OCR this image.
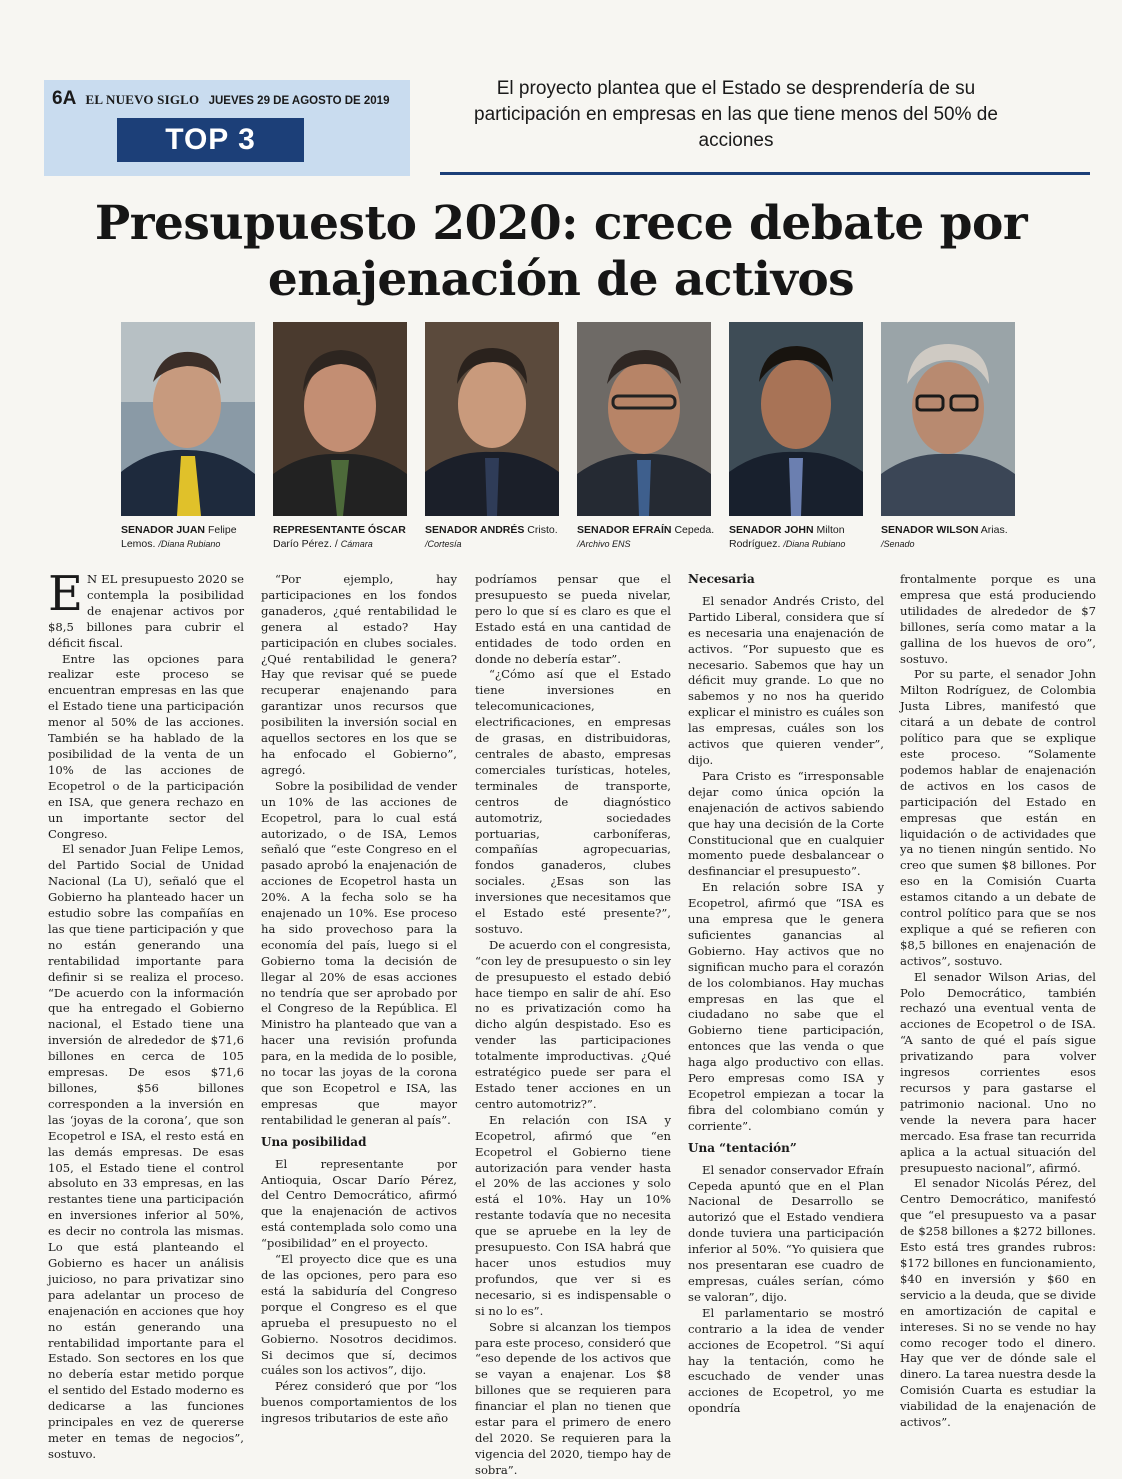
6A EL NUEVO SIGLO JUEVES 29 DE AGOSTO DE 2019
TOP 3
El proyecto plantea que el Estado se desprendería de su participación en empresas en las que tiene menos del 50% de acciones
Presupuesto 2020: crece debate por enajenación de activos
SENADOR JUAN Felipe Lemos. /Diana Rubiano
REPRESENTANTE ÓSCAR Darío Pérez. / Cámara
SENADOR ANDRÉS Cristo. /Cortesía
SENADOR EFRAÍN Cepeda. /Archivo ENS
SENADOR JOHN Milton Rodríguez. /Diana Rubiano
SENADOR WILSON Arias. /Senado

E N EL presupuesto 2020 se contempla la posibilidad de enajenar activos por $8,5 billones para cubrir el déficit fiscal.

Entre las opciones para realizar este proceso se encuentran empresas en las que el Estado tiene una participación menor al 50% de las acciones. También se ha hablado de la posibilidad de la venta de un 10% de las acciones de Ecopetrol o de la participación en ISA, que genera rechazo en un importante sector del Congreso.

El senador Juan Felipe Lemos, del Partido Social de Unidad Nacional (La U), señaló que el Gobierno ha planteado hacer un estudio sobre las compañías en las que tiene participación y que no están generando una rentabilidad importante para definir si se realiza el proceso. “De acuerdo con la información que ha entregado el Gobierno nacional, el Estado tiene una inversión de alrededor de $71,6 billones en cerca de 105 empresas. De esos $71,6 billones, $56 billones corresponden a la inversión en las ‘joyas de la corona’, que son Ecopetrol e ISA, el resto está en las demás empresas. De esas 105, el Estado tiene el control absoluto en 33 empresas, en las restantes tiene una participación en inversiones inferior al 50%, es decir no controla las mismas. Lo que está planteando el Gobierno es hacer un análisis juicioso, no para privatizar sino para adelantar un proceso de enajenación en acciones que hoy no están generando una rentabilidad importante para el Estado. Son sectores en los que no debería estar metido porque el sentido del Estado moderno es dedicarse a las funciones principales en vez de quererse meter en temas de negocios”, sostuvo.

“Por ejemplo, hay participaciones en los fondos ganaderos, ¿qué rentabilidad le genera al estado? Hay participación en clubes sociales. ¿Qué rentabilidad le genera? Hay que revisar qué se puede recuperar enajenando para garantizar unos recursos que posibiliten la inversión social en aquellos sectores en los que se ha enfocado el Gobierno”, agregó.

Sobre la posibilidad de vender un 10% de las acciones de Ecopetrol, para lo cual está autorizado, o de ISA, Lemos señaló que “este Congreso en el pasado aprobó la enajenación de acciones de Ecopetrol hasta un 20%. A la fecha solo se ha enajenado un 10%. Ese proceso ha sido provechoso para la economía del país, luego si el Gobierno toma la decisión de llegar al 20% de esas acciones no tendría que ser aprobado por el Congreso de la República. El Ministro ha planteado que van a hacer una revisión profunda para, en la medida de lo posible, no tocar las joyas de la corona que son Ecopetrol e ISA, las empresas que mayor rentabilidad le generan al país”.

Una posibilidad

El representante por Antioquia, Oscar Darío Pérez, del Centro Democrático, afirmó que la enajenación de activos está contemplada solo como una “posibilidad” en el proyecto.

“El proyecto dice que es una de las opciones, pero para eso está la sabiduría del Congreso porque el Congreso es el que aprueba el presupuesto no el Gobierno. Nosotros decidimos. Si decimos que sí, decimos cuáles son los activos”, dijo.

Pérez consideró que por “los buenos comportamientos de los ingresos tributarios de este año

podríamos pensar que el presupuesto se pueda nivelar, pero lo que sí es claro es que el Estado está en una cantidad de entidades de todo orden en donde no debería estar”.

“¿Cómo así que el Estado tiene inversiones en telecomunicaciones, electrificaciones, en empresas de grasas, en distribuidoras, centrales de abasto, empresas comerciales turísticas, hoteles, terminales de transporte, centros de diagnóstico automotriz, sociedades portuarias, carboníferas, compañías agropecuarias, fondos ganaderos, clubes sociales. ¿Esas son las inversiones que necesitamos que el Estado esté presente?”, sostuvo.

De acuerdo con el congresista, “con ley de presupuesto o sin ley de presupuesto el estado debió hace tiempo en salir de ahí. Eso no es privatización como ha dicho algún despistado. Eso es vender las participaciones totalmente improductivas. ¿Qué estratégico puede ser para el Estado tener acciones en un centro automotriz?”.

En relación con ISA y Ecopetrol, afirmó que “en Ecopetrol el Gobierno tiene autorización para vender hasta el 20% de las acciones y solo está el 10%. Hay un 10% restante todavía que no necesita que se apruebe en la ley de presupuesto. Con ISA habrá que hacer unos estudios muy profundos, que ver si es necesario, si es indispensable o si no lo es”.

Sobre si alcanzan los tiempos para este proceso, consideró que “eso depende de los activos que se vayan a enajenar. Los $8 billones que se requieren para financiar el plan no tienen que estar para el primero de enero del 2020. Se requieren para la vigencia del 2020, tiempo hay de sobra”.

Necesaria

El senador Andrés Cristo, del Partido Liberal, considera que sí es necesaria una enajenación de activos. “Por supuesto que es necesario. Sabemos que hay un déficit muy grande. Lo que no sabemos y no nos ha querido explicar el ministro es cuáles son las empresas, cuáles son los activos que quieren vender”, dijo.

Para Cristo es “irresponsable dejar como única opción la enajenación de activos sabiendo que hay una decisión de la Corte Constitucional que en cualquier momento puede desbalancear o desfinanciar el presupuesto”.

En relación sobre ISA y Ecopetrol, afirmó que “ISA es una empresa que le genera suficientes ganancias al Gobierno. Hay activos que no significan mucho para el corazón de los colombianos. Hay muchas empresas en las que el ciudadano no sabe que el Gobierno tiene participación, entonces que las venda o que haga algo productivo con ellas. Pero empresas como ISA y Ecopetrol empiezan a tocar la fibra del colombiano común y corriente”.

Una “tentación”

El senador conservador Efraín Cepeda apuntó que en el Plan Nacional de Desarrollo se autorizó que el Estado vendiera donde tuviera una participación inferior al 50%. “Yo quisiera que nos presentaran ese cuadro de empresas, cuáles serían, cómo se valoran”, dijo.

El parlamentario se mostró contrario a la idea de vender acciones de Ecopetrol. “Si aquí hay la tentación, como he escuchado de vender unas acciones de Ecopetrol, yo me opondría

frontalmente porque es una empresa que está produciendo utilidades de alrededor de $7 billones, sería como matar a la gallina de los huevos de oro”, sostuvo.

Por su parte, el senador John Milton Rodríguez, de Colombia Justa Libres, manifestó que citará a un debate de control político para que se explique este proceso. “Solamente podemos hablar de enajenación de activos en los casos de participación del Estado en empresas que están en liquidación o de actividades que ya no tienen ningún sentido. No creo que sumen $8 billones. Por eso en la Comisión Cuarta estamos citando a un debate de control político para que se nos explique a qué se refieren con $8,5 billones en enajenación de activos”, sostuvo.

El senador Wilson Arias, del Polo Democrático, también rechazó una eventual venta de acciones de Ecopetrol o de ISA. “A santo de qué el país sigue privatizando para volver ingresos corrientes esos recursos y para gastarse el patrimonio nacional. Uno no vende la nevera para hacer mercado. Esa frase tan recurrida aplica a la actual situación del presupuesto nacional”, afirmó.

El senador Nicolás Pérez, del Centro Democrático, manifestó que “el presupuesto va a pasar de $258 billones a $272 billones. Esto está tres grandes rubros: $172 billones en funcionamiento, $40 en inversión y $60 en servicio a la deuda, que se divide en amortización de capital e intereses. Si no se vende no hay como recoger todo el dinero. Hay que ver de dónde sale el dinero. La tarea nuestra desde la Comisión Cuarta es estudiar la viabilidad de la enajenación de activos”.
